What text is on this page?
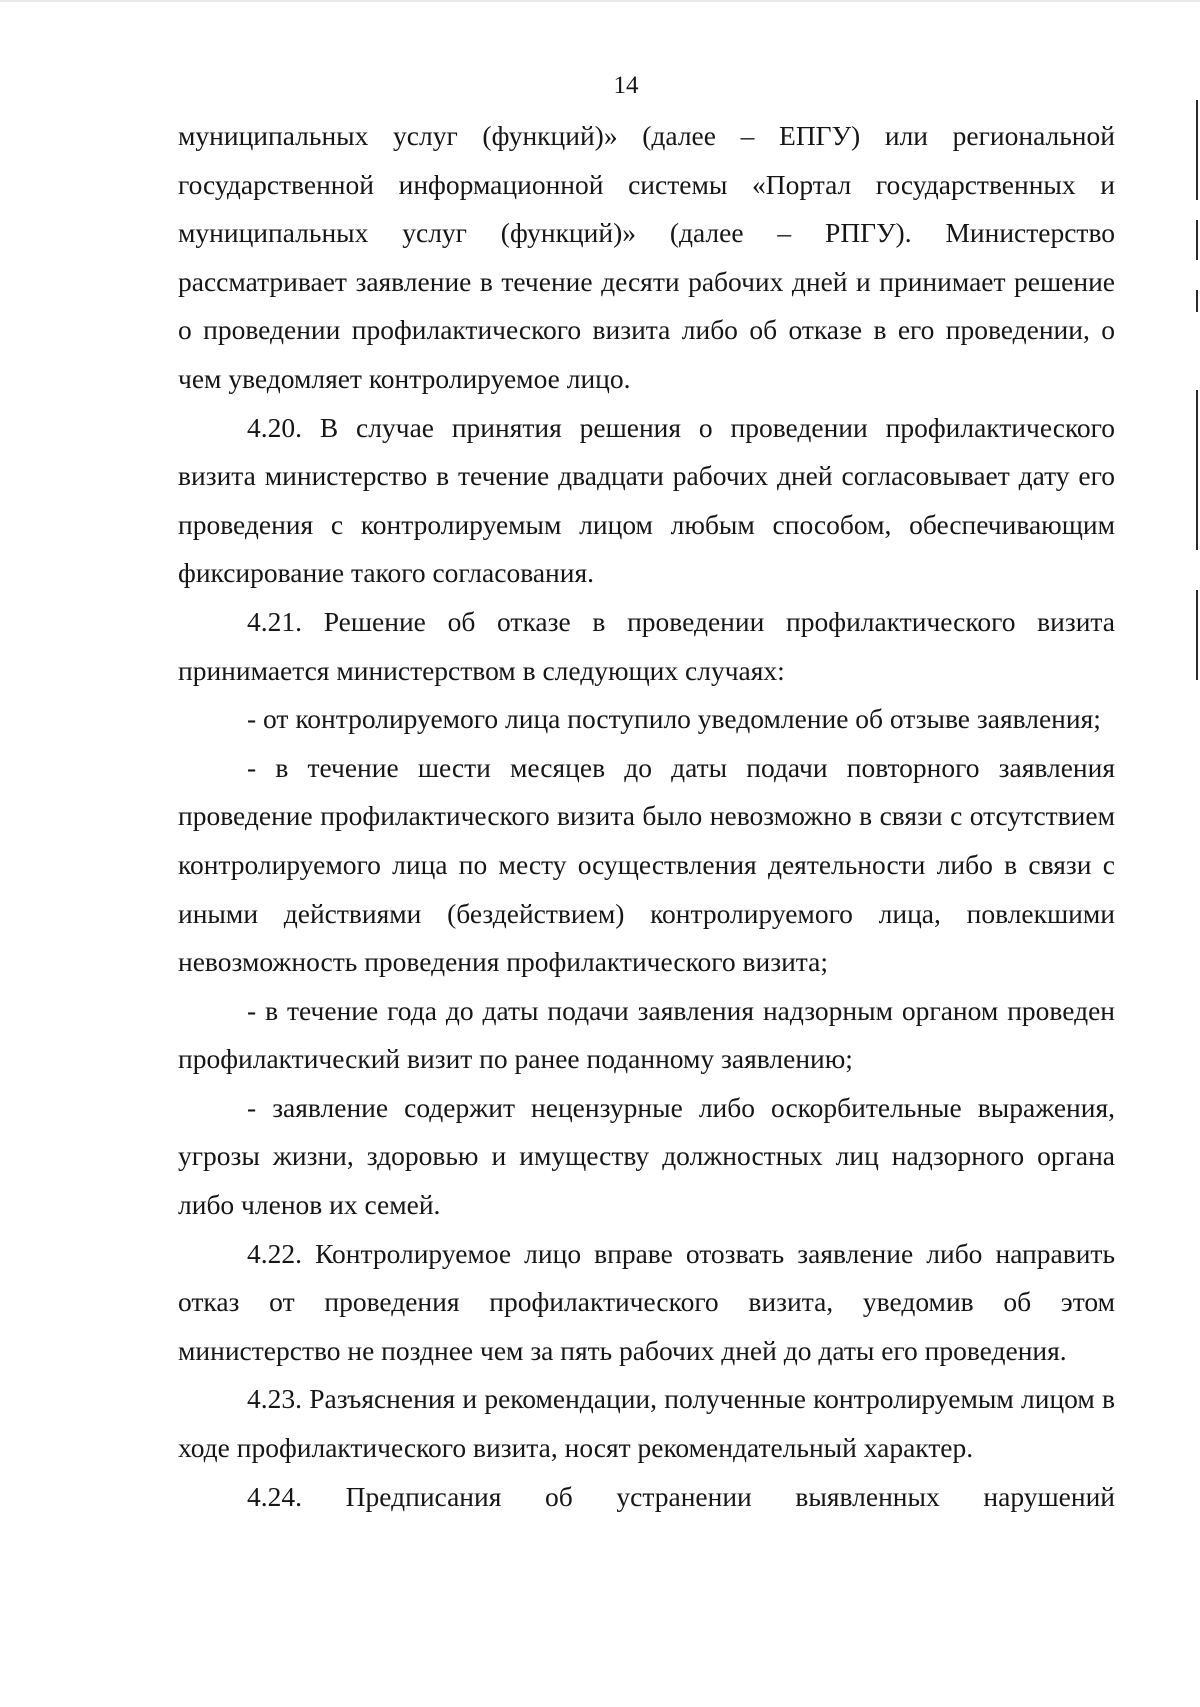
14

муниципальных услуг (функций)» (далее – ЕПГУ) или региональной государственной информационной системы «Портал государственных и муниципальных услуг (функций)» (далее – РПГУ). Министерство рассматривает заявление в течение десяти рабочих дней и принимает решение о проведении профилактического визита либо об отказе в его проведении, о чем уведомляет контролируемое лицо.

4.20. В случае принятия решения о проведении профилактического визита министерство в течение двадцати рабочих дней согласовывает дату его проведения с контролируемым лицом любым способом, обеспечивающим фиксирование такого согласования.

4.21. Решение об отказе в проведении профилактического визита принимается министерством в следующих случаях:

- от контролируемого лица поступило уведомление об отзыве заявления;

- в течение шести месяцев до даты подачи повторного заявления проведение профилактического визита было невозможно в связи с отсутствием контролируемого лица по месту осуществления деятельности либо в связи с иными действиями (бездействием) контролируемого лица, повлекшими невозможность проведения профилактического визита;

- в течение года до даты подачи заявления надзорным органом проведен профилактический визит по ранее поданному заявлению;

- заявление содержит нецензурные либо оскорбительные выражения, угрозы жизни, здоровью и имуществу должностных лиц надзорного органа либо членов их семей.

4.22. Контролируемое лицо вправе отозвать заявление либо направить отказ от проведения профилактического визита, уведомив об этом министерство не позднее чем за пять рабочих дней до даты его проведения.

4.23. Разъяснения и рекомендации, полученные контролируемым лицом в ходе профилактического визита, носят рекомендательный характер.

4.24. Предписания об устранении выявленных нарушений
